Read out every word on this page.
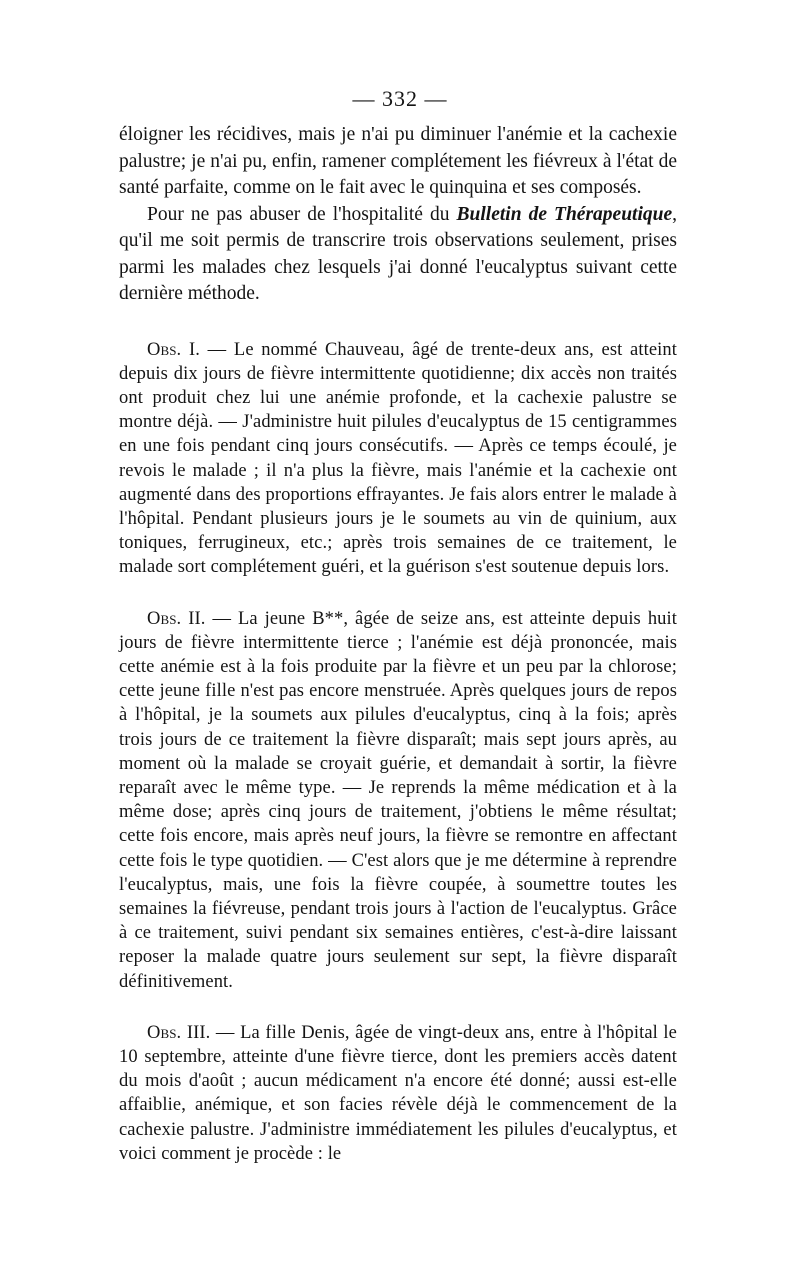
— 332 —

éloigner les récidives, mais je n'ai pu diminuer l'anémie et la cachexie palustre; je n'ai pu, enfin, ramener complétement les fiévreux à l'état de santé parfaite, comme on le fait avec le quinquina et ses composés.

Pour ne pas abuser de l'hospitalité du Bulletin de Thérapeutique, qu'il me soit permis de transcrire trois observations seulement, prises parmi les malades chez lesquels j'ai donné l'eucalyptus suivant cette dernière méthode.

Obs. I. — Le nommé Chauveau, âgé de trente-deux ans, est atteint depuis dix jours de fièvre intermittente quotidienne; dix accès non traités ont produit chez lui une anémie profonde, et la cachexie palustre se montre déjà. — J'administre huit pilules d'eucalyptus de 15 centigrammes en une fois pendant cinq jours consécutifs. — Après ce temps écoulé, je revois le malade ; il n'a plus la fièvre, mais l'anémie et la cachexie ont augmenté dans des proportions effrayantes. Je fais alors entrer le malade à l'hôpital. Pendant plusieurs jours je le soumets au vin de quinium, aux toniques, ferrugineux, etc.; après trois semaines de ce traitement, le malade sort complétement guéri, et la guérison s'est soutenue depuis lors.

Obs. II. — La jeune B**, âgée de seize ans, est atteinte depuis huit jours de fièvre intermittente tierce ; l'anémie est déjà prononcée, mais cette anémie est à la fois produite par la fièvre et un peu par la chlorose; cette jeune fille n'est pas encore menstruée. Après quelques jours de repos à l'hôpital, je la soumets aux pilules d'eucalyptus, cinq à la fois; après trois jours de ce traitement la fièvre disparaît; mais sept jours après, au moment où la malade se croyait guérie, et demandait à sortir, la fièvre reparaît avec le même type. — Je reprends la même médication et à la même dose; après cinq jours de traitement, j'obtiens le même résultat; cette fois encore, mais après neuf jours, la fièvre se remontre en affectant cette fois le type quotidien. — C'est alors que je me détermine à reprendre l'eucalyptus, mais, une fois la fièvre coupée, à soumettre toutes les semaines la fiévreuse, pendant trois jours à l'action de l'eucalyptus. Grâce à ce traitement, suivi pendant six semaines entières, c'est-à-dire laissant reposer la malade quatre jours seulement sur sept, la fièvre disparaît définitivement.

Obs. III. — La fille Denis, âgée de vingt-deux ans, entre à l'hôpital le 10 septembre, atteinte d'une fièvre tierce, dont les premiers accès datent du mois d'août ; aucun médicament n'a encore été donné; aussi est-elle affaiblie, anémique, et son facies révèle déjà le commencement de la cachexie palustre. J'administre immédiatement les pilules d'eucalyptus, et voici comment je procède : le
